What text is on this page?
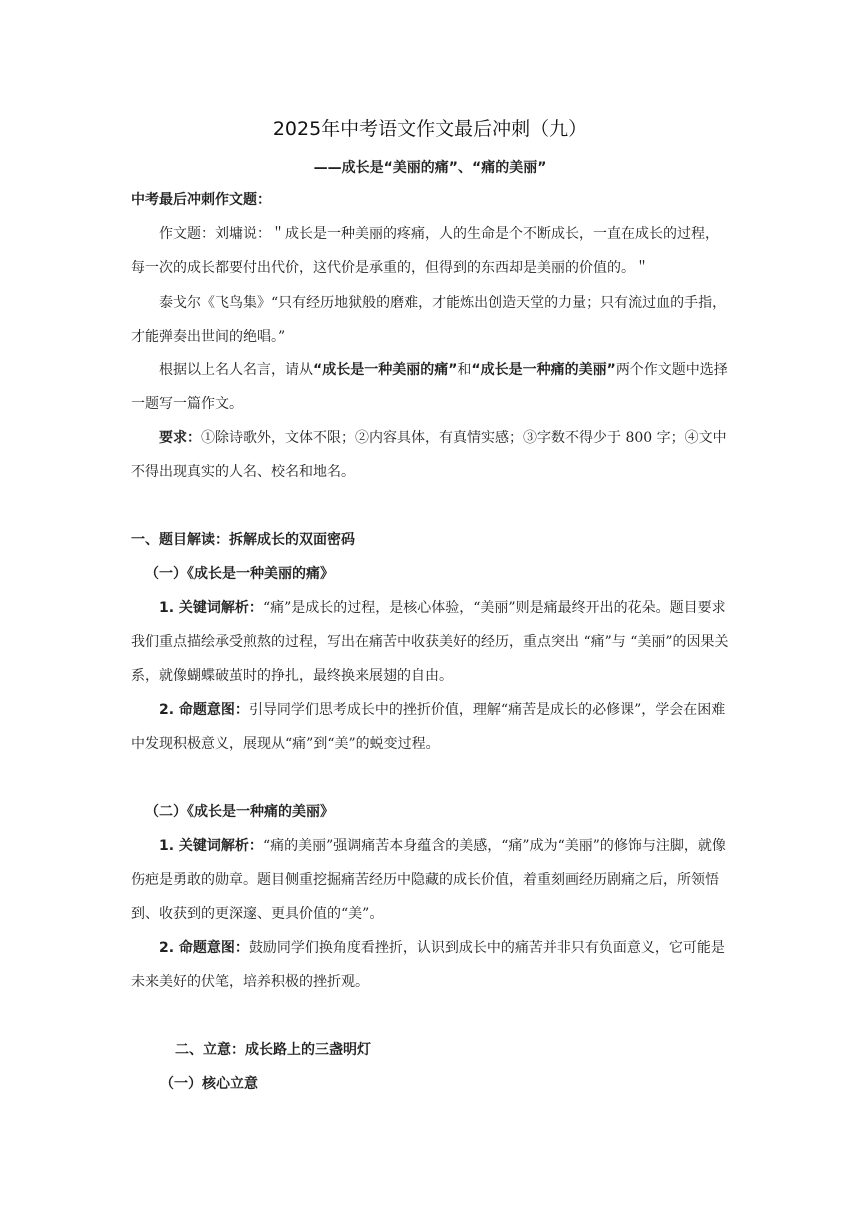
2025年中考语文作文最后冲刺（九）
——成长是“美丽的痛”、“痛的美丽”
中考最后冲刺作文题：

作文题：刘墉说：＂成长是一种美丽的疼痛，人的生命是个不断成长，一直在成长的过程，每一次的成长都要付出代价，这代价是承重的，但得到的东西却是美丽的价值的。＂

泰戈尔《飞鸟集》“只有经历地狱般的磨难，才能炼出创造天堂的力量；只有流过血的手指，才能弹奏出世间的绝唱。”

根据以上名人名言，请从“成长是一种美丽的痛”和“成长是一种痛的美丽”两个作文题中选择一题写一篇作文。

要求：①除诗歌外，文体不限；②内容具体，有真情实感；③字数不得少于 800 字；④文中不得出现真实的人名、校名和地名。

一、题目解读：拆解成长的双面密码
（一）《成长是一种美丽的痛》

1. 关键词解析：“痛”是成长的过程，是核心体验，“美丽”则是痛最终开出的花朵。题目要求我们重点描绘承受煎熬的过程，写出在痛苦中收获美好的经历，重点突出 “痛”与 “美丽”的因果关系，就像蝴蝶破茧时的挣扎，最终换来展翅的自由。

2. 命题意图：引导同学们思考成长中的挫折价值，理解“痛苦是成长的必修课”，学会在困难中发现积极意义，展现从“痛”到“美”的蜕变过程。

（二）《成长是一种痛的美丽》

1. 关键词解析：“痛的美丽”强调痛苦本身蕴含的美感，“痛”成为“美丽”的修饰与注脚，就像伤疤是勇敢的勋章。题目侧重挖掘痛苦经历中隐藏的成长价值，着重刻画经历剧痛之后，所领悟到、收获到的更深邃、更具价值的“美”。

2. 命题意图：鼓励同学们换角度看挫折，认识到成长中的痛苦并非只有负面意义，它可能是未来美好的伏笔，培养积极的挫折观。

二、立意：成长路上的三盏明灯
（一）核心立意
